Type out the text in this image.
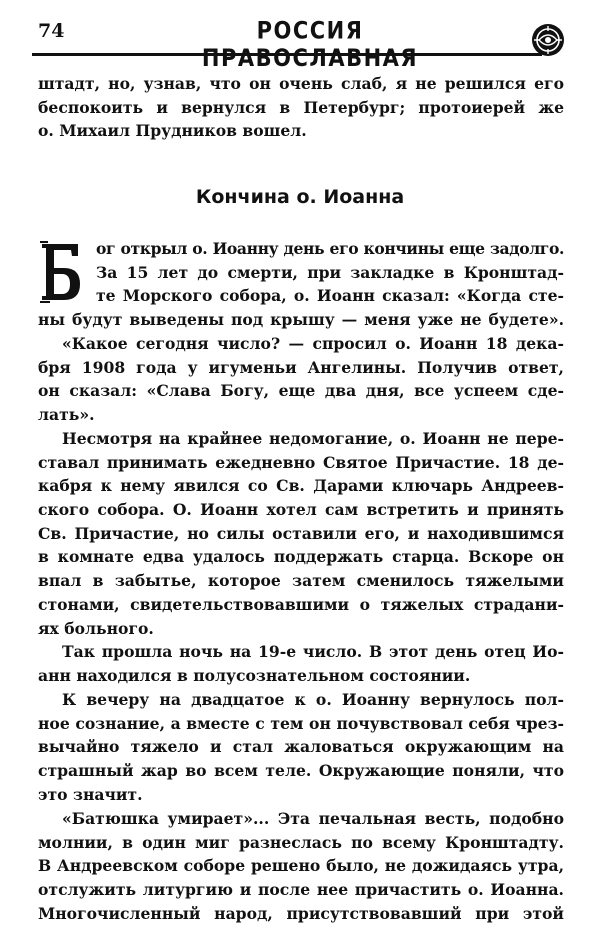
74	РОССИЯ ПРАВОСЛАВНАЯ
штадт, но, узнав, что он очень слаб, я не решился его
беспокоить и вернулся в Петербург; протоиерей же
о. Михаил Прудников вошел.
Кончина о. Иоанна
ог открыл о. Иоанну день его кончины еще задолго.
За 15 лет до смерти, при закладке в Кронштад-
те Морского собора, о. Иоанн сказал: «Когда сте-
ны будут выведены под крышу — меня уже не будете».
«Какое сегодня число? — спросил о. Иоанн 18 дека-
бря 1908 года у игуменьи Ангелины. Получив ответ,
он сказал: «Слава Богу, еще два дня, все успеем сде-
лать».
Несмотря на крайнее недомогание, о. Иоанн не пере-
ставал принимать ежедневно Святое Причастие. 18 де-
кабря к нему явился со Св. Дарами ключарь Андреев-
ского собора. О. Иоанн хотел сам встретить и принять
Св. Причастие, но силы оставили его, и находившимся
в комнате едва удалось поддержать старца. Вскоре он
впал в забытье, которое затем сменилось тяжелыми
стонами, свидетельствовавшими о тяжелых страдани-
ях больного.
Так прошла ночь на 19-е число. В этот день отец Ио-
анн находился в полусознательном состоянии.
К вечеру на двадцатое к о. Иоанну вернулось пол-
ное сознание, а вместе с тем он почувствовал себя чрез-
вычайно тяжело и стал жаловаться окружающим на
страшный жар во всем теле. Окружающие поняли, что
это значит.
«Батюшка умирает»... Эта печальная весть, подобно
молнии, в один миг разнеслась по всему Кронштадту.
В Андреевском соборе решено было, не дожидаясь утра,
отслужить литургию и после нее причастить о. Иоанна.
Многочисленный народ, присутствовавший при этой
